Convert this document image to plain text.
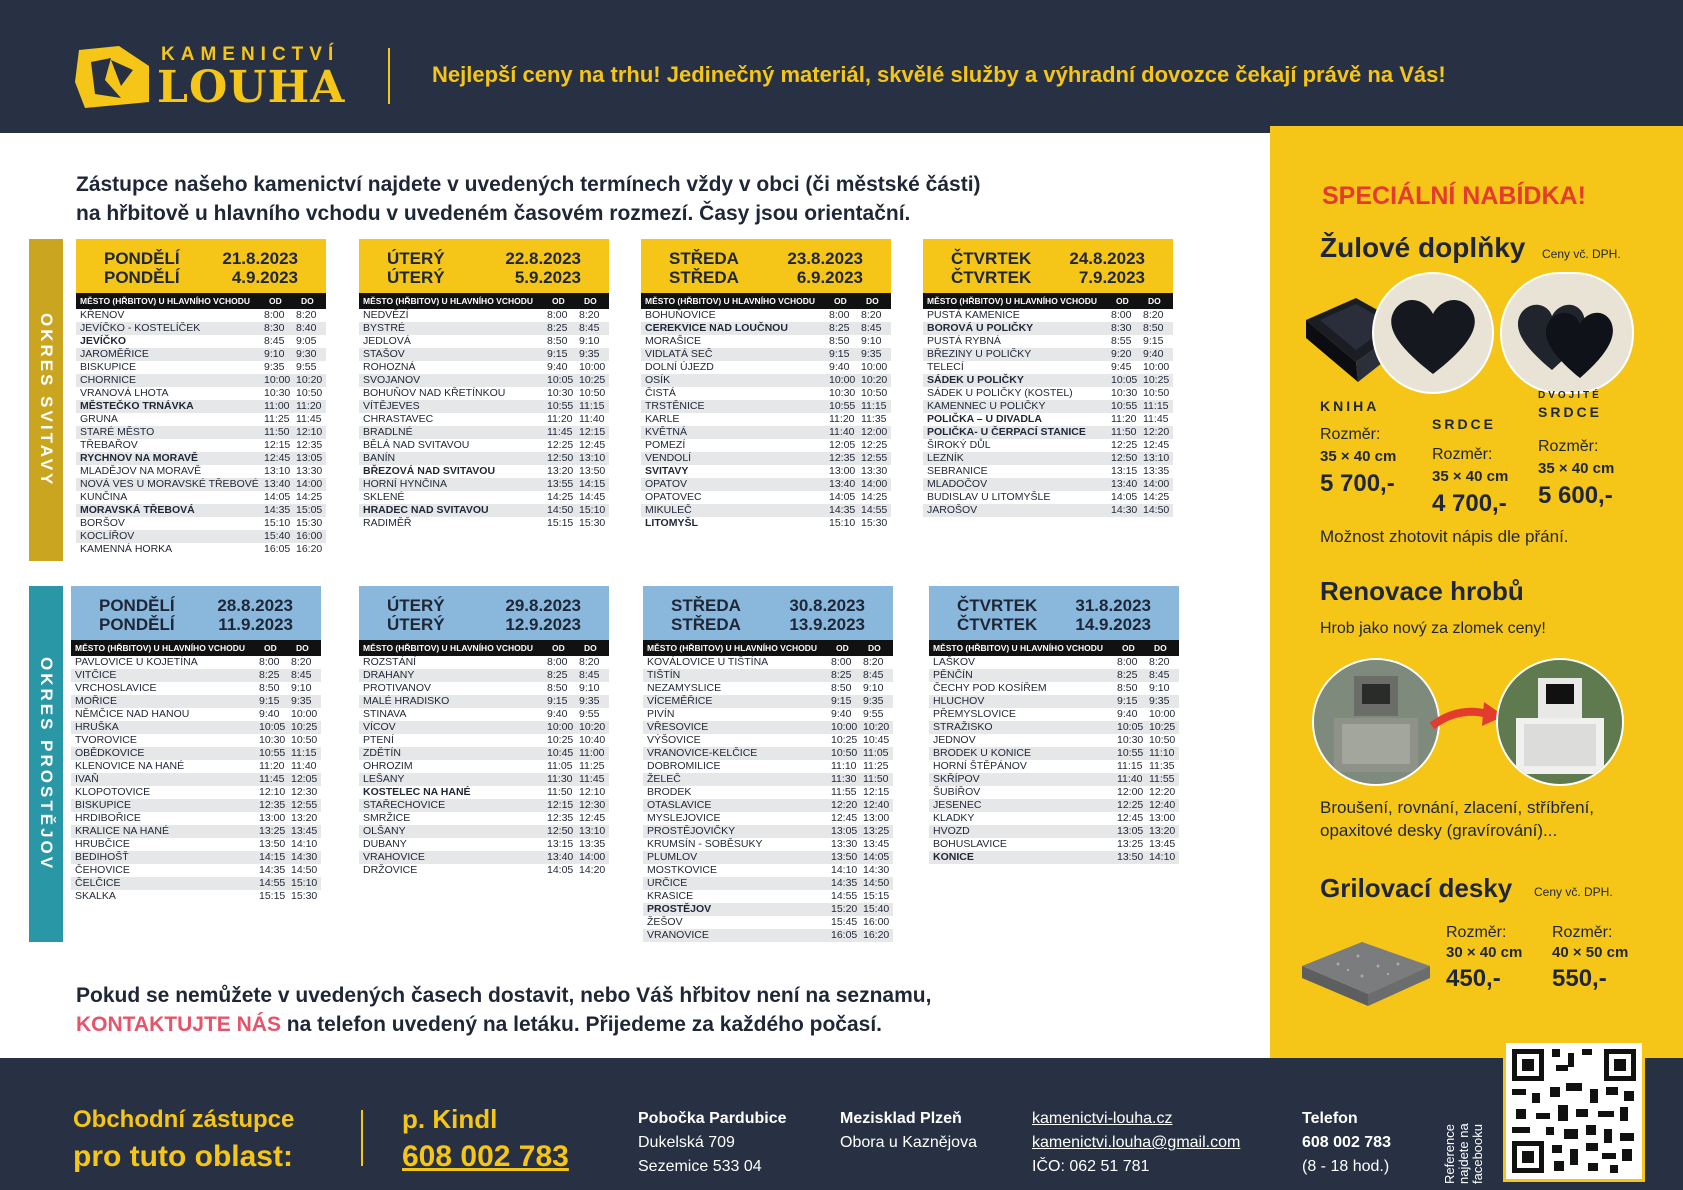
KAMENICTVÍ
LOUHA	Nejlepší ceny na trhu! Jedinečný materiál, skvělé služby a výhradní dovozce čekají právě na Vás!
Zástupce našeho kamenictví najdete v uvedených termínech vždy v obci (či městské části)
na hřbitově u hlavního vchodu v uvedeném časovém rozmezí. Časy jsou orientační.
OKRES SVITAVY
OKRES PROSTĚJOV
PONDĚLÍ	21.8.2023
PONDĚLÍ	4.9.2023
MĚSTO (HŘBITOV) U HLAVNÍHO VCHODU OD DO
KŘENOV	8:00 8:20
JEVÍČKO - KOSTELÍČEK	8:30 8:40
JEVÍČKO	8:45 9:05
JAROMĚŘICE	9:10 9:30
BISKUPICE	9:35 9:55
CHORNICE	10:00 10:20
VRANOVÁ LHOTA	10:30 10:50
MĚSTEČKO TRNÁVKA	11:00 11:20
GRUNA	11:25 11:45
STARÉ MĚSTO	11:50 12:10
TŘEBAŘOV	12:15 12:35
RYCHNOV NA MORAVĚ	12:45 13:05
MLADĚJOV NA MORAVĚ	13:10 13:30
NOVÁ VES U MORAVSKÉ TŘEBOVÉ 13:40 14:00
KUNČINA	14:05 14:25
MORAVSKÁ TŘEBOVÁ	14:35 15:05
BORŠOV	15:10 15:30
KOCLÍŘOV	15:40 16:00
KAMENNÁ HORKA	16:05 16:20
ÚTERÝ	22.8.2023
ÚTERÝ	5.9.2023
MĚSTO (HŘBITOV) U HLAVNÍHO VCHODU OD DO
NEDVĚZÍ	8:00 8:20
BYSTRÉ	8:25 8:45
JEDLOVÁ	8:50 9:10
STAŠOV	9:15 9:35
ROHOZNÁ	9:40 10:00
SVOJANOV	10:05 10:25
BOHUŇOV NAD KŘETÍNKOU	10:30 10:50
VÍTĚJEVES	10:55 11:15
CHRASTAVEC	11:20 11:40
BRADLNÉ	11:45 12:15
BĚLÁ NAD SVITAVOU	12:25 12:45
BANÍN	12:50 13:10
BŘEZOVÁ NAD SVITAVOU	13:20 13:50
HORNÍ HYNČINA	13:55 14:15
SKLENÉ	14:25 14:45
HRADEC NAD SVITAVOU	14:50 15:10
RADIMĚŘ	15:15 15:30
STŘEDA	23.8.2023
STŘEDA	6.9.2023
MĚSTO (HŘBITOV) U HLAVNÍHO VCHODU OD DO
BOHUŇOVICE	8:00 8:20
CEREKVICE NAD LOUČNOU	8:25 8:45
MORAŠICE	8:50 9:10
VIDLATÁ SEČ	9:15 9:35
DOLNÍ ÚJEZD	9:40 10:00
OSÍK	10:00 10:20
ČISTÁ	10:30 10:50
TRSTĚNICE	10:55 11:15
KARLE	11:20 11:35
KVĚTNÁ	11:40 12:00
POMEZÍ	12:05 12:25
VENDOLÍ	12:35 12:55
SVITAVY	13:00 13:30
OPATOV	13:40 14:00
OPATOVEC	14:05 14:25
MIKULEČ	14:35 14:55
LITOMYŠL	15:10 15:30
ČTVRTEK 24.8.2023
ČTVRTEK	7.9.2023
MĚSTO (HŘBITOV) U HLAVNÍHO VCHODU OD DO
PUSTÁ KAMENICE	8:00 8:20
BOROVÁ U POLIČKY	8:30 8:50
PUSTÁ RYBNÁ	8:55 9:15
BŘEZINY U POLIČKY	9:20 9:40
TELECÍ	9:45 10:00
SÁDEK U POLIČKY	10:05 10:25
SÁDEK U POLIČKY (KOSTEL)	10:30 10:50
KAMENNEC U POLIČKY	10:55 11:15
POLIČKA – U DIVADLA	11:20 11:45
POLIČKA- U ČERPACÍ STANICE 11:50 12:20
ŠIROKÝ DŮL	12:25 12:45
LEZNÍK	12:50 13:10
SEBRANICE	13:15 13:35
MLADOČOV	13:40 14:00
BUDISLAV U LITOMYŠLE	14:05 14:25
JAROŠOV	14:30 14:50
PONDĚLÍ	28.8.2023
PONDĚLÍ	11.9.2023
MĚSTO (HŘBITOV) U HLAVNÍHO VCHODU OD DO
PAVLOVICE U KOJETÍNA	8:00 8:20
VITČICE	8:25 8:45
VRCHOSLAVICE	8:50 9:10
MOŘICE	9:15 9:35
NĚMČICE NAD HANOU	9:40 10:00
HRUŠKA	10:05 10:25
TVOROVICE	10:30 10:50
OBĚDKOVICE	10:55 11:15
KLENOVICE NA HANÉ	11:20 11:40
IVAŇ	11:45 12:05
KLOPOTOVICE	12:10 12:30
BISKUPICE	12:35 12:55
HRDIBOŘICE	13:00 13:20
KRALICE NA HANÉ	13:25 13:45
HRUBČICE	13:50 14:10
BEDIHOŠŤ	14:15 14:30
ČEHOVICE	14:35 14:50
ČELČICE	14:55 15:10
SKALKA	15:15 15:30
ÚTERÝ	29.8.2023
ÚTERÝ	12.9.2023
MĚSTO (HŘBITOV) U HLAVNÍHO VCHODU OD DO
ROZSTÁNÍ	8:00 8:20
DRAHANY	8:25 8:45
PROTIVANOV	8:50 9:10
MALÉ HRADISKO	9:15 9:35
STINAVA	9:40 9:55
VÍCOV	10:00 10:20
PTENÍ	10:25 10:40
ZDĚTÍN	10:45 11:00
OHROZIM	11:05 11:25
LEŠANY	11:30 11:45
KOSTELEC NA HANÉ	11:50 12:10
STAŘECHOVICE	12:15 12:30
SMRŽICE	12:35 12:45
OLŠANY	12:50 13:10
DUBANY	13:15 13:35
VRAHOVICE	13:40 14:00
DRŽOVICE	14:05 14:20
STŘEDA	30.8.2023
STŘEDA	13.9.2023
MĚSTO (HŘBITOV) U HLAVNÍHO VCHODU OD DO
KOVÁLOVICE U TIŠTÍNA	8:00 8:20
TIŠTÍN	8:25 8:45
NEZAMYSLICE	8:50 9:10
VÍCEMĚŘICE	9:15 9:35
PIVÍN	9:40 9:55
VŘESOVICE	10:00 10:20
VÝŠOVICE	10:25 10:45
VRANOVICE-KELČICE	10:50 11:05
DOBROMILICE	11:10 11:25
ŽELEČ	11:30 11:50
BRODEK	11:55 12:15
OTASLAVICE	12:20 12:40
MYSLEJOVICE	12:45 13:00
PROSTĚJOVIČKY	13:05 13:25
KRUMSÍN - SOBĚSUKY	13:30 13:45
PLUMLOV	13:50 14:05
MOSTKOVICE	14:10 14:30
URČICE	14:35 14:50
KRASICE	14:55 15:15
PROSTĚJOV	15:20 15:40
ŽEŠOV	15:45 16:00
VRANOVICE	16:05 16:20
ČTVRTEK 31.8.2023
ČTVRTEK 14.9.2023
MĚSTO (HŘBITOV) U HLAVNÍHO VCHODU OD DO
LAŠKOV	8:00 8:20
PĚNČÍN	8:25 8:45
ČECHY POD KOSÍŘEM	8:50 9:10
HLUCHOV	9:15 9:35
PŘEMYSLOVICE	9:40 10:00
STRAŽISKO	10:05 10:25
JEDNOV	10:30 10:50
BRODEK U KONICE	10:55 11:10
HORNÍ ŠTĚPÁNOV	11:15 11:35
SKŘÍPOV	11:40 11:55
ŠUBÍŘOV	12:00 12:20
JESENEC	12:25 12:40
KLADKY	12:45 13:00
HVOZD	13:05 13:20
BOHUSLAVICE	13:25 13:45
KONICE	13:50 14:10
Pokud se nemůžete v uvedených časech dostavit, nebo Váš hřbitov není na seznamu,
KONTAKTUJTE NÁS na telefon uvedený na letáku. Přijedeme za každého počasí.
SPECIÁLNÍ NABÍDKA!
Žulové doplňky Ceny vč. DPH.
KNIHA
Rozměr:
35 × 40 cm
5 700,-
SRDCE
Rozměr:
35 × 40 cm
4 700,-
DVOJITÉ
SRDCE
Rozměr:
35 × 40 cm
5 600,-
Možnost zhotovit nápis dle přání.
Renovace hrobů
Hrob jako nový za zlomek ceny!
Broušení, rovnání, zlacení, stříbření,
opaxitové desky (gravírování)...
Grilovací desky Ceny vč. DPH.
Rozměr:
30 × 40 cm
450,-
Rozměr:
40 × 50 cm
550,-
Obchodní zástupce
pro tuto oblast:
p. Kindl
608 002 783
Pobočka Pardubice
Dukelská 709
Sezemice 533 04
Mezisklad Plzeň
Obora u Kaznějova
kamenictvi-louha.cz
kamenictvi.louha@gmail.com
IČO: 062 51 781
Telefon
608 002 783
(8 - 18 hod.)	Reference najdete na facebooku
